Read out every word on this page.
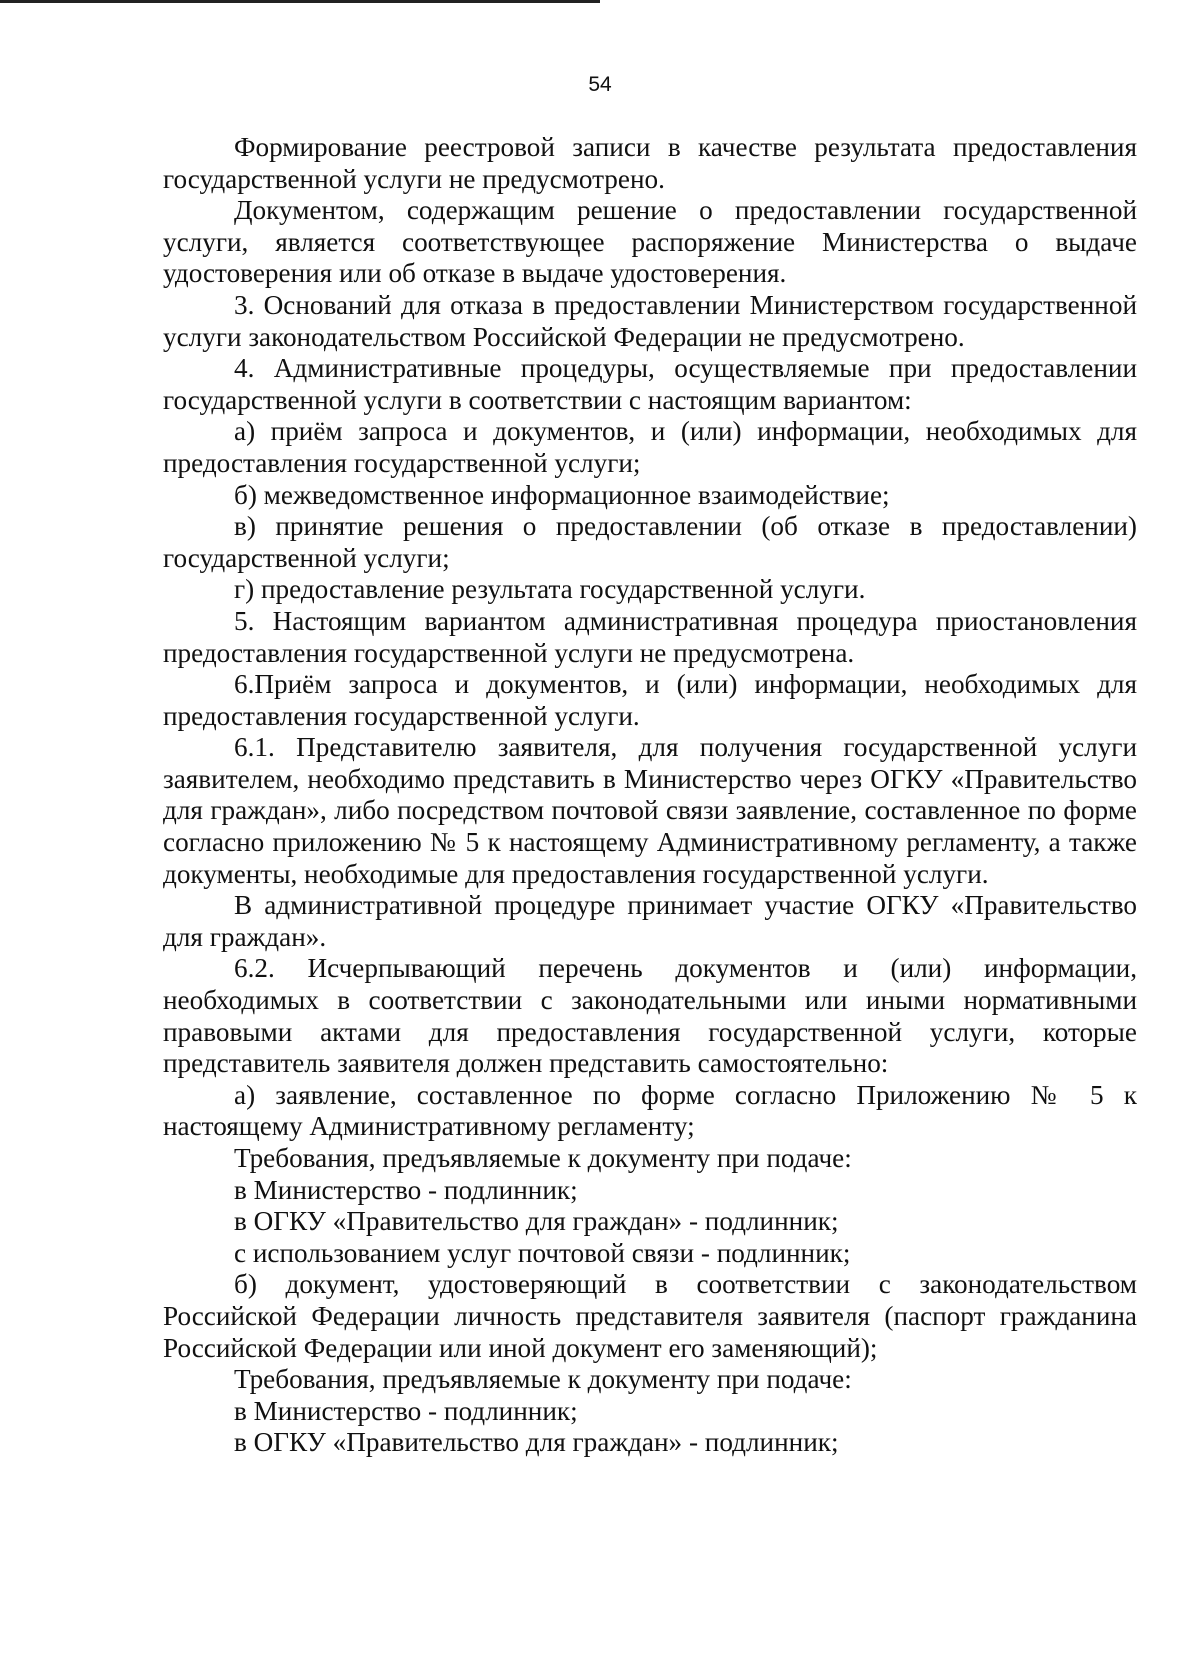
54

Формирование реестровой записи в качестве результата предоставления государственной услуги не предусмотрено.

Документом, содержащим решение о предоставлении государственной услуги, является соответствующее распоряжение Министерства о выдаче удостоверения или об отказе в выдаче удостоверения.

3. Оснований для отказа в предоставлении Министерством государственной услуги законодательством Российской Федерации не предусмотрено.

4. Административные процедуры, осуществляемые при предоставлении государственной услуги в соответствии с настоящим вариантом:

а) приём запроса и документов, и (или) информации, необходимых для предоставления государственной услуги;

б) межведомственное информационное взаимодействие;

в) принятие решения о предоставлении (об отказе в предоставлении) государственной услуги;

г) предоставление результата государственной услуги.

5. Настоящим вариантом административная процедура приостановления предоставления государственной услуги не предусмотрена.

6.Приём запроса и документов, и (или) информации, необходимых для предоставления государственной услуги.

6.1. Представителю заявителя, для получения государственной услуги заявителем, необходимо представить в Министерство через ОГКУ «Правительство для граждан», либо посредством почтовой связи заявление, составленное по форме согласно приложению № 5 к настоящему Административному регламенту, а также документы, необходимые для предоставления государственной услуги.

В административной процедуре принимает участие ОГКУ «Правительство для граждан».

6.2. Исчерпывающий перечень документов и (или) информации, необходимых в соответствии с законодательными или иными нормативными правовыми актами для предоставления государственной услуги, которые представитель заявителя должен представить самостоятельно:

а) заявление, составленное по форме согласно Приложению № 5 к настоящему Административному регламенту;

Требования, предъявляемые к документу при подаче:

в Министерство - подлинник;

в ОГКУ «Правительство для граждан» - подлинник;

с использованием услуг почтовой связи - подлинник;

б) документ, удостоверяющий в соответствии с законодательством Российской Федерации личность представителя заявителя (паспорт гражданина Российской Федерации или иной документ его заменяющий);

Требования, предъявляемые к документу при подаче:

в Министерство - подлинник;

в ОГКУ «Правительство для граждан» - подлинник;
